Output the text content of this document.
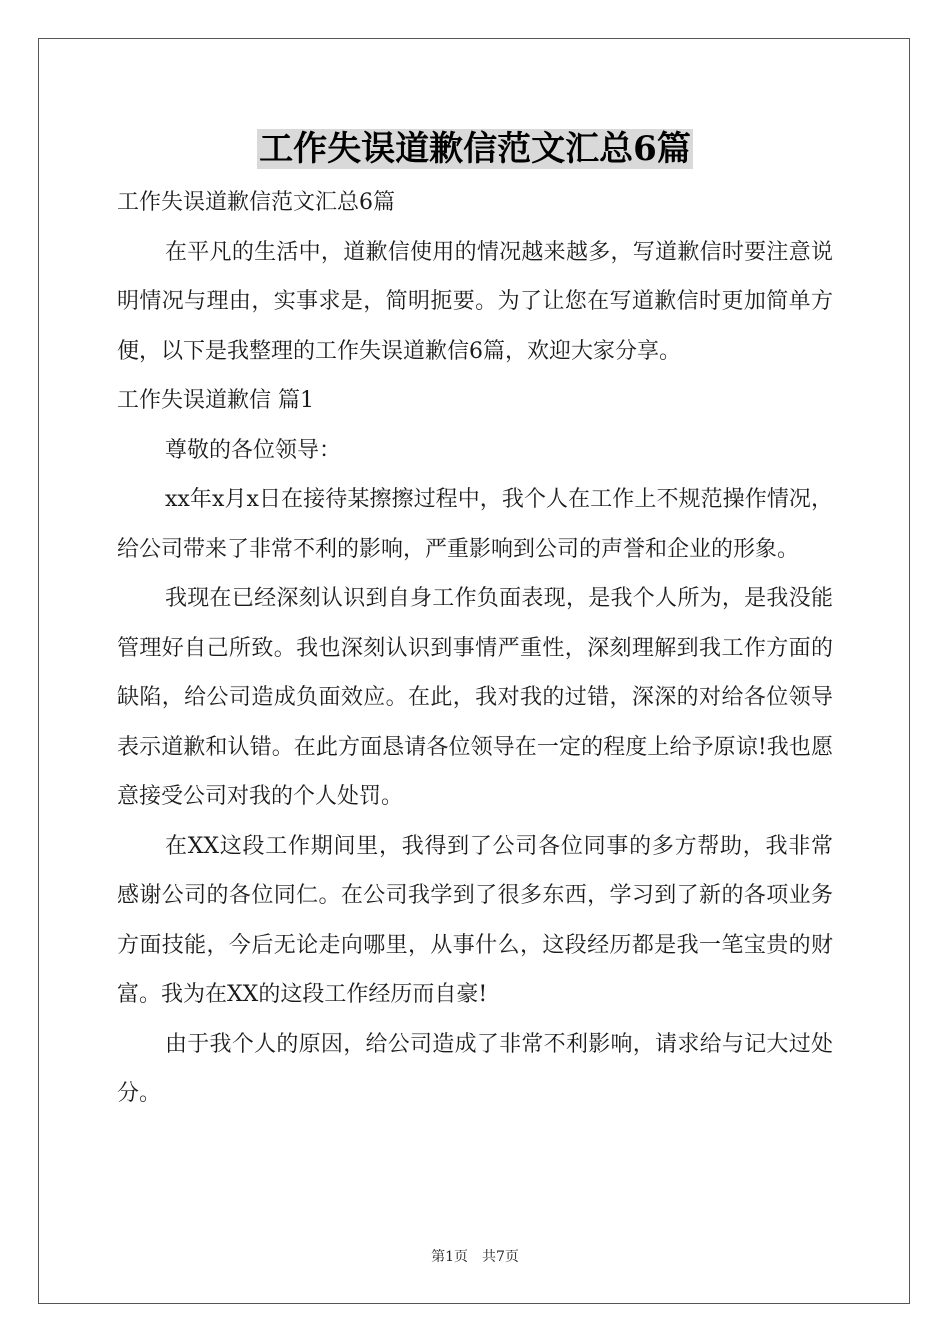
工作失误道歉信范文汇总6篇

工作失误道歉信范文汇总6篇

在平凡的生活中，道歉信使用的情况越来越多，写道歉信时要注意说明情况与理由，实事求是，简明扼要。为了让您在写道歉信时更加简单方便，以下是我整理的工作失误道歉信6篇，欢迎大家分享。

工作失误道歉信 篇1

尊敬的各位领导：

xx年x月x日在接待某擦擦过程中，我个人在工作上不规范操作情况，给公司带来了非常不利的影响，严重影响到公司的声誉和企业的形象。

我现在已经深刻认识到自身工作负面表现，是我个人所为，是我没能管理好自己所致。我也深刻认识到事情严重性，深刻理解到我工作方面的缺陷，给公司造成负面效应。在此，我对我的过错，深深的对给各位领导表示道歉和认错。在此方面恳请各位领导在一定的程度上给予原谅!我也愿意接受公司对我的个人处罚。

在XX这段工作期间里，我得到了公司各位同事的多方帮助，我非常感谢公司的各位同仁。在公司我学到了很多东西，学习到了新的各项业务方面技能，今后无论走向哪里，从事什么，这段经历都是我一笔宝贵的财富。我为在XX的这段工作经历而自豪!

由于我个人的原因，给公司造成了非常不利影响，请求给与记大过处分。

第1页　共7页
